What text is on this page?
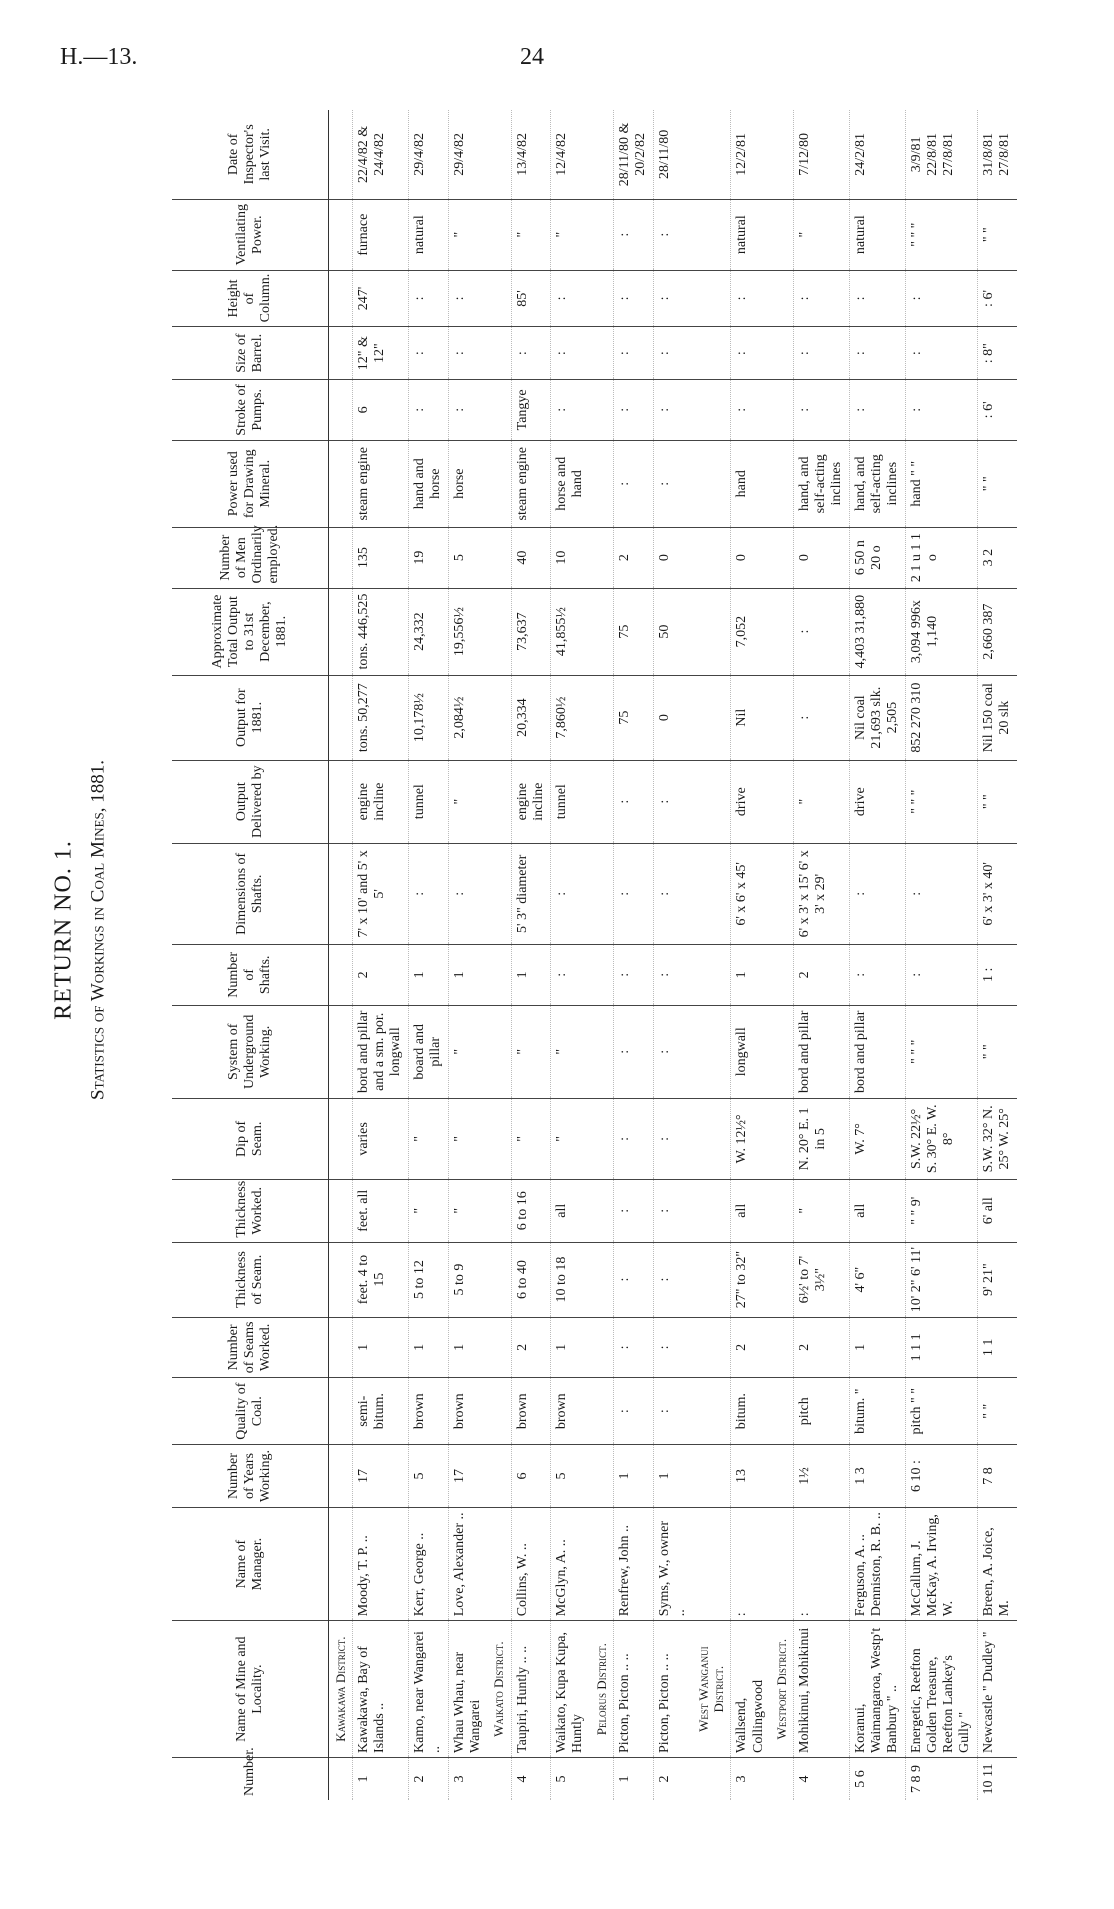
H.—13.	24
RETURN NO. 1. Statistics of Workings in Coal Mines, 1881.
Number.	Name of Mine and Locality.	Name of Manager.	Number of Years Working.	Quality of Coal.	Number of Seams Worked.	Thickness of Seam.	Thickness Worked.	Dip of Seam.	System of Underground Working.	Number of Shafts.	Dimensions of Shafts.	Output Delivered by	Output for 1881.	Approximate Total Output to 31st December, 1881.	Number of Men Ordinarily employed.	Power used for Drawing Mineral.	Stroke of Pumps.	Size of Barrel.	Height of Column.	Ventilating Power.	Date of Inspector's last Visit.
	Kawakawa District.																				
1	Kawakawa, Bay of Islands ..	Moody, T. P. ..	17	semi-bitum.	1	feet. 4 to 15	feet. all	varies	bord and pillar and a sm. por. longwall	2	7' x 10' and 5' x 5'	engine incline	tons. 50,277	tons. 446,525	135	steam engine	6	12" & 12"	247'	furnace	22/4/82 & 24/4/82
2	Kamo, near Wangarei ..	Kerr, George ..	5	brown	1	5 to 12	"	"	board and pillar	1	:	tunnel	10,178½	24,332	19	hand and horse	:	:	:	natural	29/4/82
3	Whau Whau, near Wangarei	Love, Alexander ..	17	brown	1	5 to 9	"	"	"	1	:	"	2,084½	19,556½	5	horse	:	:	:	"	29/4/82
	Waikato District.																				
4	Taupiri, Huntly .. ..	Collins, W. ..	6	brown	2	6 to 40	6 to 16	"	"	1	5' 3" diameter	engine incline	20,334	73,637	40	steam engine	Tangye	:	85'	"	13/4/82
5	Waikato, Kupa Kupa, Huntly	McGlyn, A. ..	5	brown	1	10 to 18	all	"	"	:	:	tunnel	7,860½	41,855½	10	horse and hand	:	:	:	"	12/4/82
	Pelorus District.																				
1	Picton, Picton .. ..	Renfrew, John ..	1	:	:	:	:	:	:	:	:	:	75	75	2	:	:	:	:	:	28/11/80 & 20/2/82
2	Picton, Picton .. ..	Syms, W., owner ..	1	:	:	:	:	:	:	:	:	:	0	50	0	:	:	:	:	:	28/11/80
	West Wanganui District.																				
3	Wallsend, Collingwood	:	13	bitum.	2	27" to 32"	all	W. 12½°	longwall	1	6' x 6' x 45'	drive	Nil	7,052	0	hand	:	:	:	natural	12/2/81
	Westport District.																				
4	Mohikinui, Mohikinui	:	1½	pitch	2	6½' to 7' 3½"	"	N. 20° E. 1 in 5	bord and pillar	2	6' x 3' x 15' 6' x 3' x 29'	"	:	:	0	hand, and self-acting inclines	:	:	:	"	7/12/80
5 6	Koranui, Waimangaroa, Westp't Banbury " ..	Ferguson, A. .. Denniston, R. B. ..	1 3	bitum. "	1	4' 6"	all	W. 7°	bord and pillar	:	:	drive	Nil coal 21,693 slk. 2,505	4,403 31,880	6 50 n 20 o	hand, and self-acting inclines	:	:	:	natural	24/2/81
7 8 9	Energetic, Reefton Golden Treasure, Reefton Lankey's Gully "	McCallum, J. McKay, A. Irving, W.	6 10 :	pitch " "	1 1 1	10' 2" 6' 11'	" " 9'	S.W. 22½° S. 30° E. W. 8°	" " "	:	:	" " "	852 270 310	3,094 996x 1,140	2 1 u 1 1 o	hand " "	:	:	:	" " "	3/9/81 22/8/81 27/8/81
10 11	Newcastle " Dudley "	Breen, A. Joice, M.	7 8	" "	1 1	9' 21"	6' all	S.W. 32° N. 25° W. 25°	" "	1 :	6' x 3' x 40'	" "	Nil 150 coal 20 slk	2,660 387	3 2	" "	: 6'	: 8"	: 6'	" "	31/8/81 27/8/81
